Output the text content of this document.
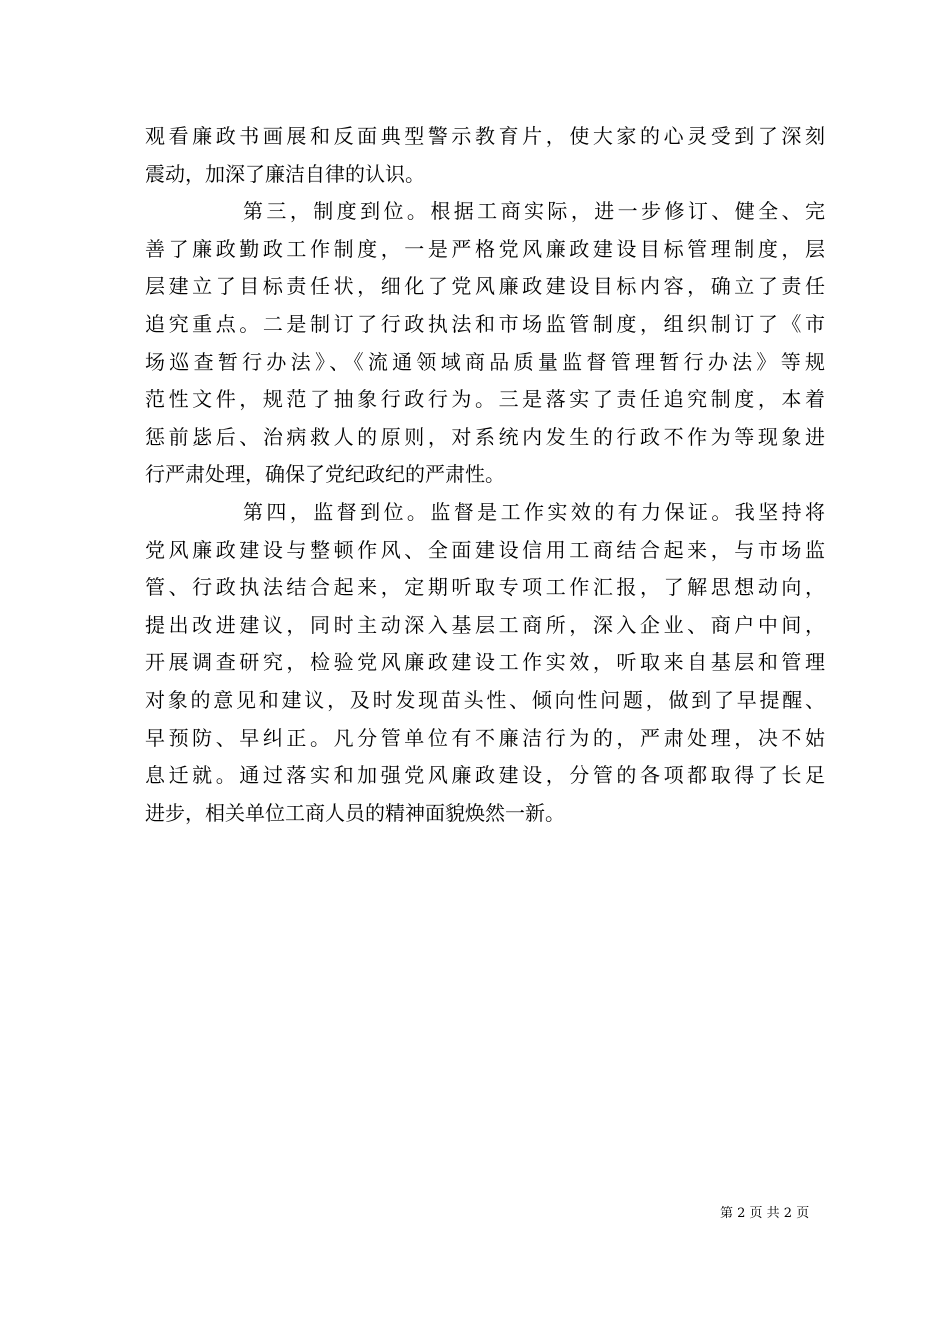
观看廉政书画展和反面典型警示教育片，使大家的心灵受到了深刻
震动，加深了廉洁自律的认识。
第三，制度到位。根据工商实际，进一步修订、健全、完
善了廉政勤政工作制度，一是严格党风廉政建设目标管理制度，层
层建立了目标责任状，细化了党风廉政建设目标内容，确立了责任
追究重点。二是制订了行政执法和市场监管制度，组织制订了《市
场巡查暂行办法》、《流通领域商品质量监督管理暂行办法》等规
范性文件，规范了抽象行政行为。三是落实了责任追究制度，本着
惩前毖后、治病救人的原则，对系统内发生的行政不作为等现象进
行严肃处理，确保了党纪政纪的严肃性。
第四，监督到位。监督是工作实效的有力保证。我坚持将
党风廉政建设与整顿作风、全面建设信用工商结合起来，与市场监
管、行政执法结合起来，定期听取专项工作汇报，了解思想动向，
提出改进建议，同时主动深入基层工商所，深入企业、商户中间，
开展调查研究，检验党风廉政建设工作实效，听取来自基层和管理
对象的意见和建议，及时发现苗头性、倾向性问题，做到了早提醒、
早预防、早纠正。凡分管单位有不廉洁行为的，严肃处理，决不姑
息迁就。通过落实和加强党风廉政建设，分管的各项都取得了长足
进步，相关单位工商人员的精神面貌焕然一新。
第 2 页 共 2 页
